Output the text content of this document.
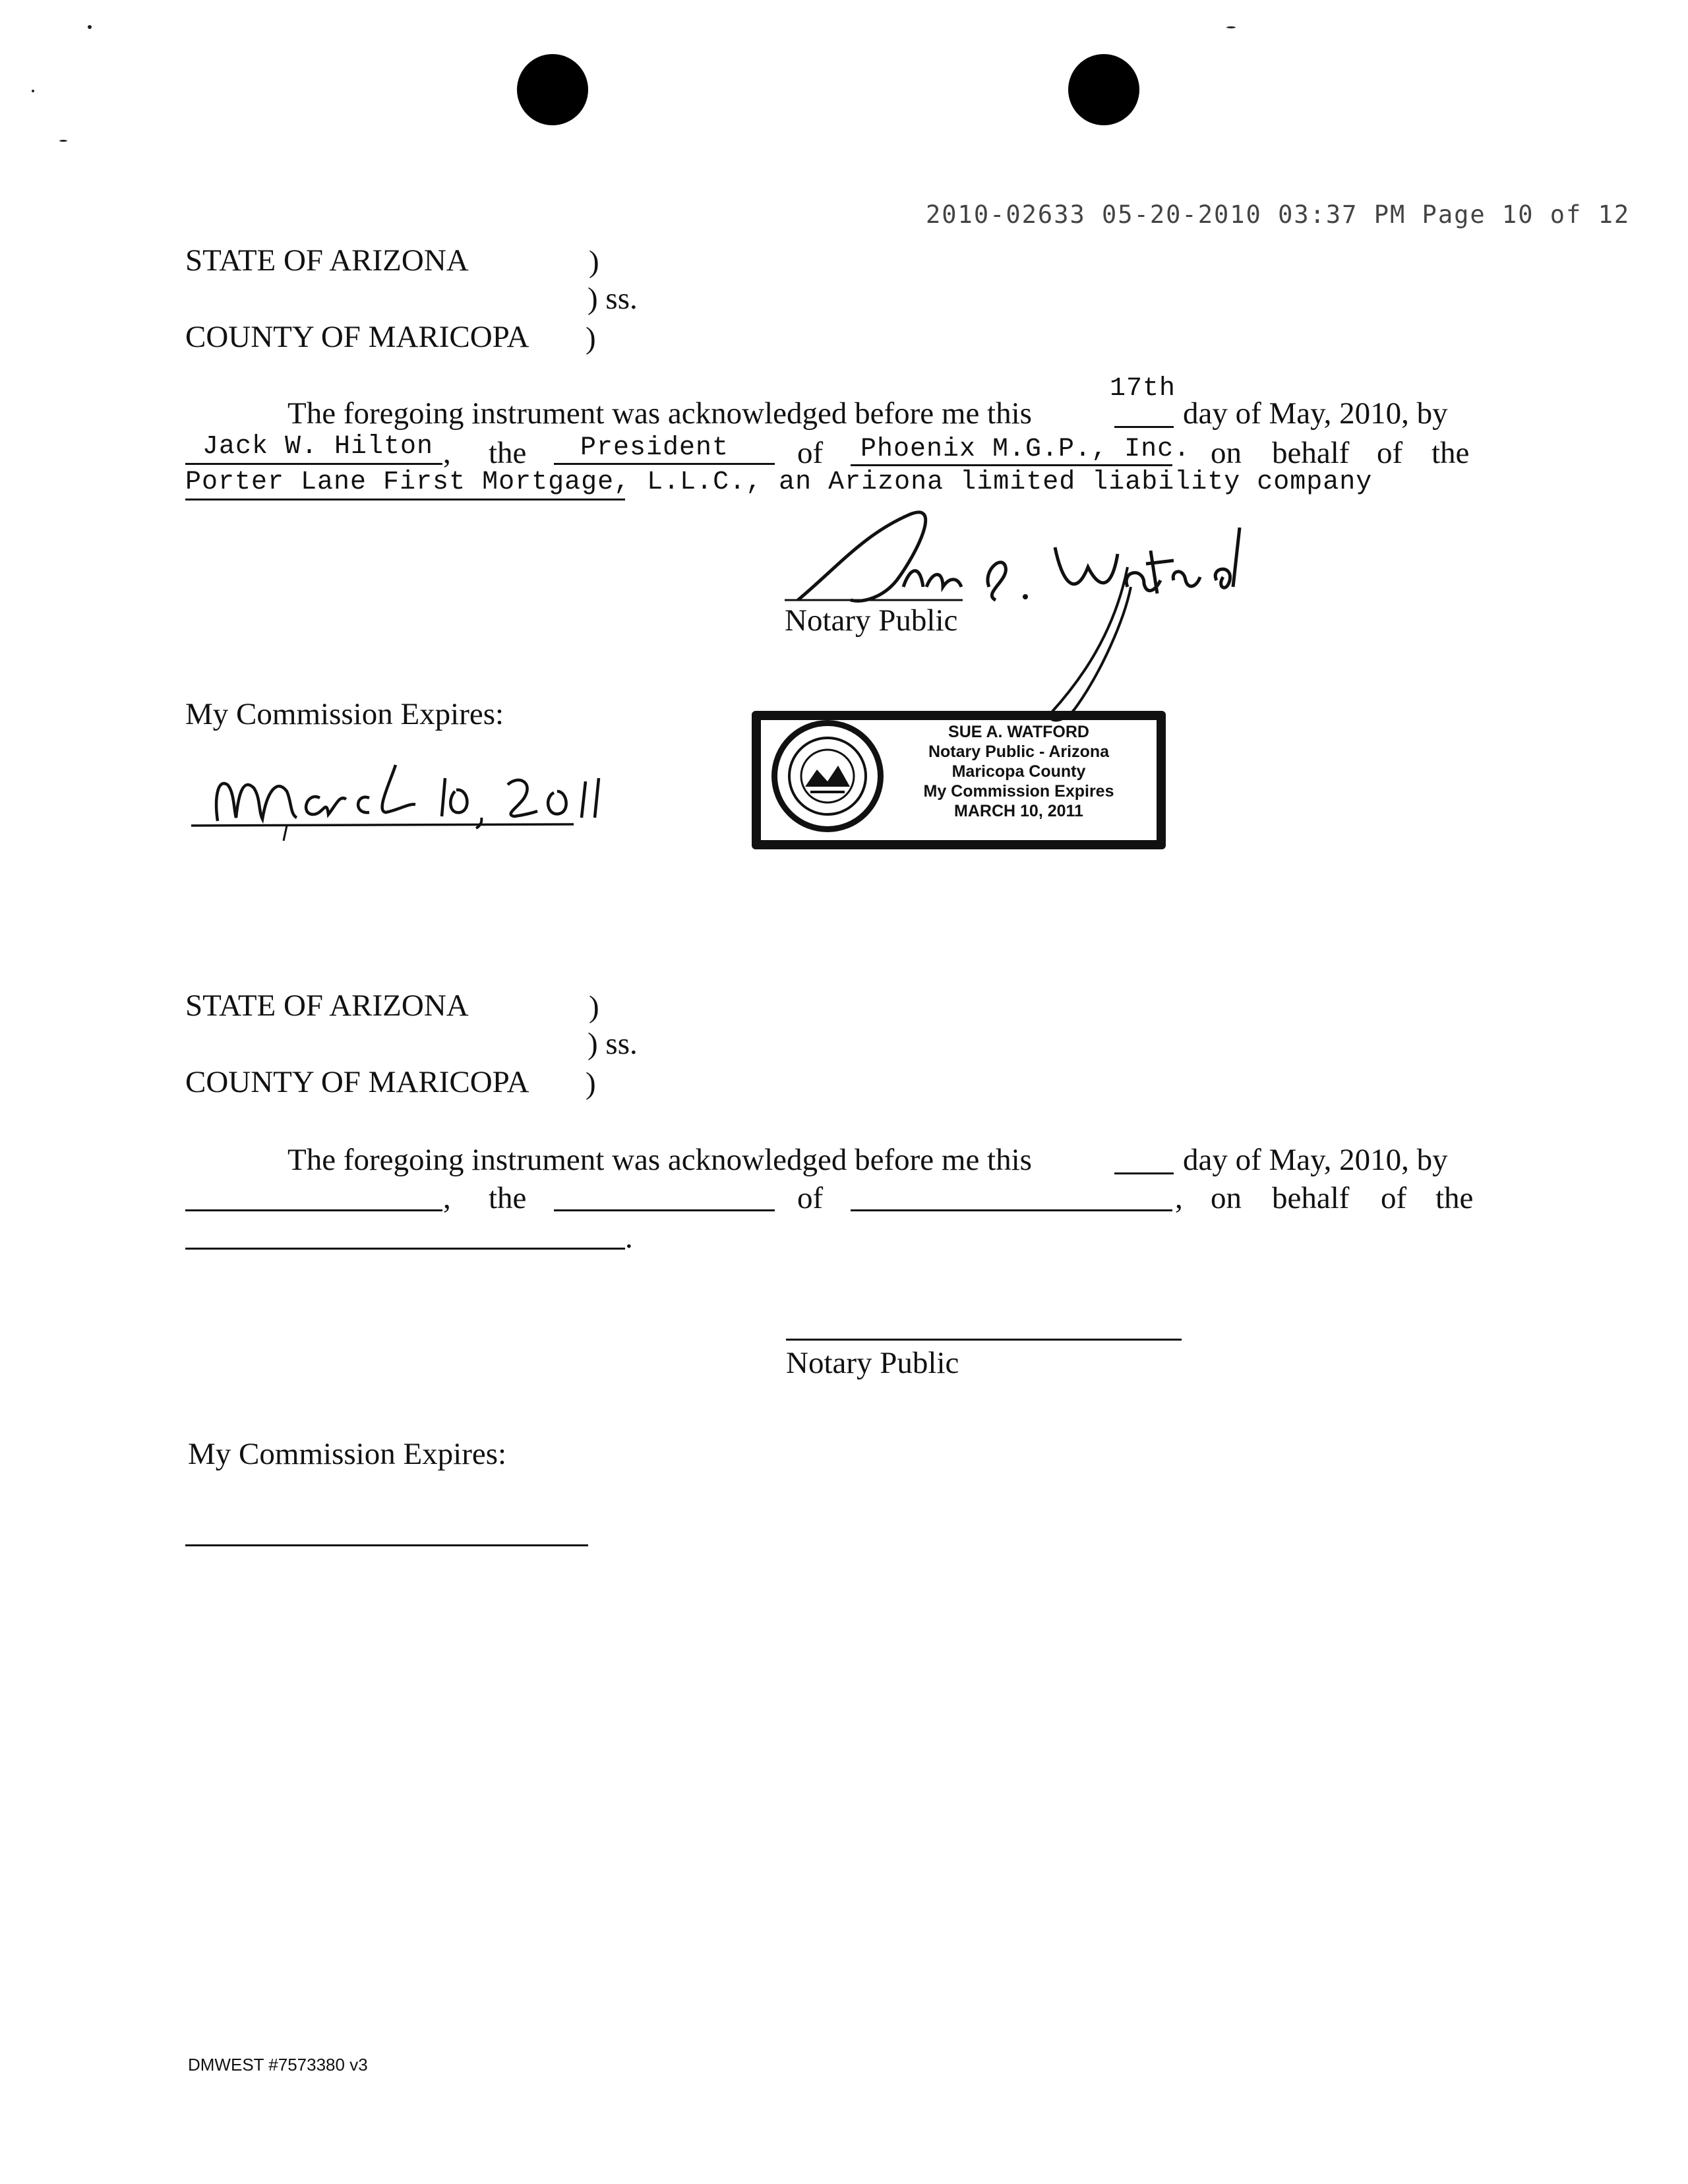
2010-02633 05-20-2010 03:37 PM Page 10 of 12
STATE OF ARIZONA	)
) ss.
COUNTY OF MARICOPA )
17th
The foregoing instrument was acknowledged before me this	day of May, 2010, by
Jack W. Hilton , the President of Phoenix M.G.P., Inc. on behalf of the
Porter Lane First Mortgage, L.L.C., an Arizona limited liability company
Notary Public
My Commission Expires:
SUE A. WATFORD
Notary Public - Arizona
Maricopa County
My Commission Expires
MARCH 10, 2011
STATE OF ARIZONA	)
) ss.
COUNTY OF MARICOPA )
The foregoing instrument was acknowledged before me this	day of May, 2010, by
, the	of	, on behalf of the
.
Notary Public
My Commission Expires:
DMWEST #7573380 v3
